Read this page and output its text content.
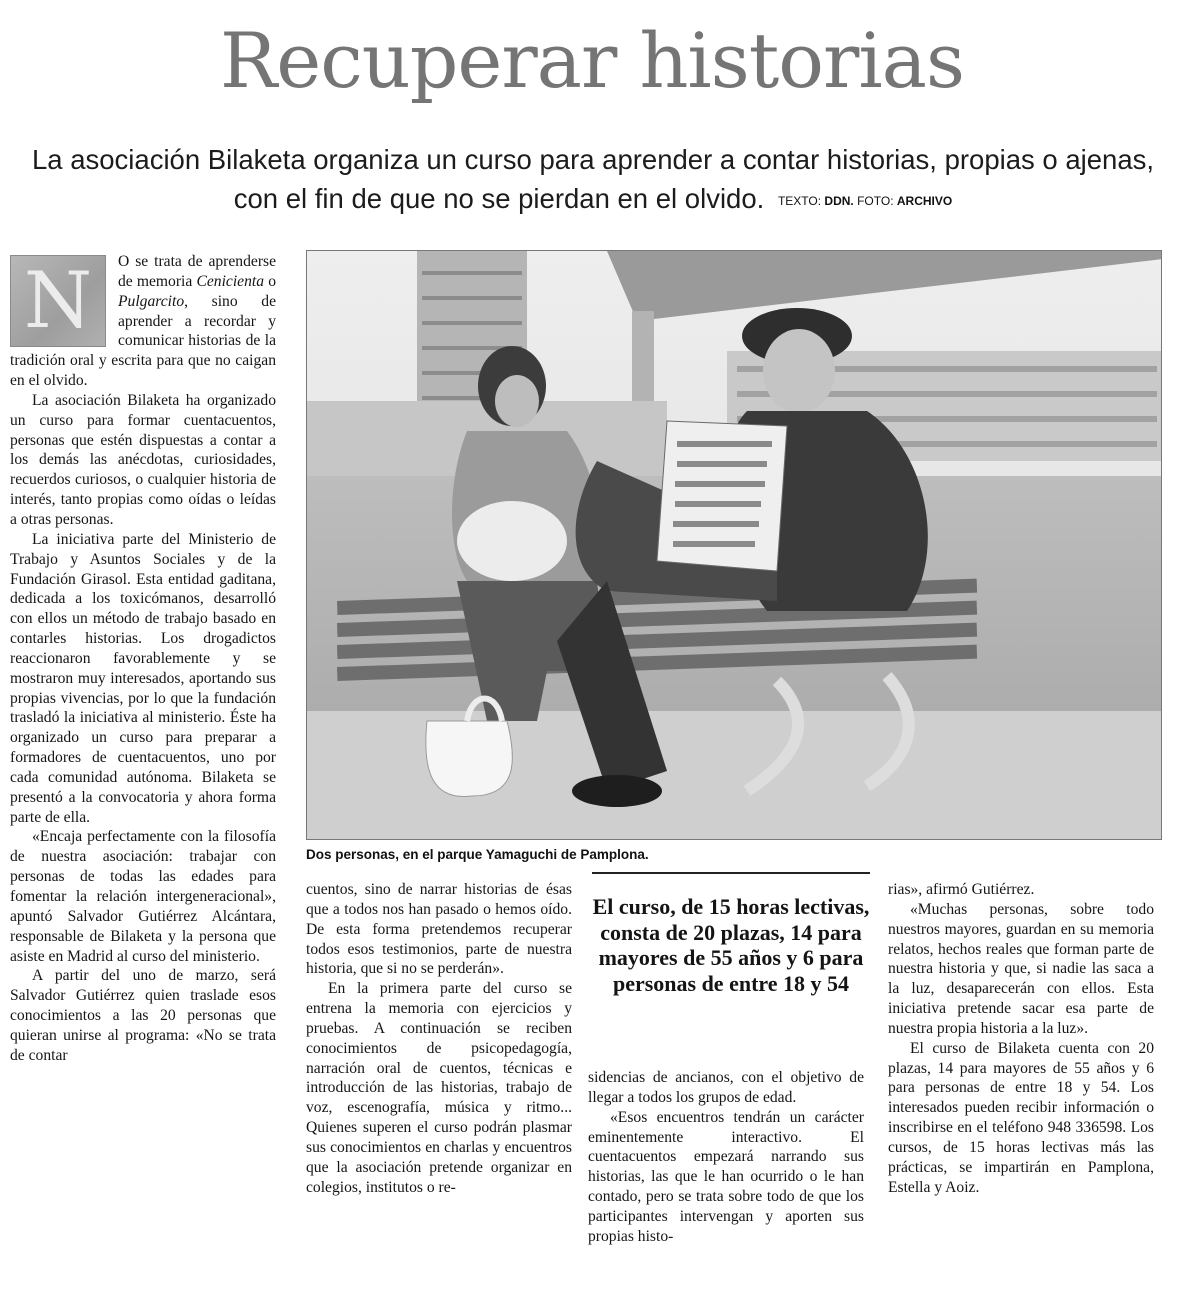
Recuperar historias

La asociación Bilaketa organiza un curso para aprender a contar historias, propias o ajenas, con el fin de que no se pierdan en el olvido. TEXTO: DDN. FOTO: ARCHIVO

N	O se trata de aprenderse de memoria Cenicienta o Pulgarcito, sino de aprender a recordar y comunicar historias de la tradición oral y escrita para que no caigan en el olvido.

La asociación Bilaketa ha organizado un curso para formar cuentacuentos, personas que estén dispuestas a contar a los demás las anécdotas, curiosidades, recuerdos curiosos, o cualquier historia de interés, tanto propias como oídas o leídas a otras personas.

La iniciativa parte del Ministerio de Trabajo y Asuntos Sociales y de la Fundación Girasol. Esta entidad gaditana, dedicada a los toxicómanos, desarrolló con ellos un método de trabajo basado en contarles historias. Los drogadictos reaccionaron favorablemente y se mostraron muy interesados, aportando sus propias vivencias, por lo que la fundación trasladó la iniciativa al ministerio. Éste ha organizado un curso para preparar a formadores de cuentacuentos, uno por cada comunidad autónoma. Bilaketa se presentó a la convocatoria y ahora forma parte de ella.

«Encaja perfectamente con la filosofía de nuestra asociación: trabajar con personas de todas las edades para fomentar la relación intergeneracional», apuntó Salvador Gutiérrez Alcántara, responsable de Bilaketa y la persona que asiste en Madrid al curso del ministerio.

A partir del uno de marzo, será Salvador Gutiérrez quien traslade esos conocimientos a las 20 personas que quieran unirse al programa: «No se trata de contar

Dos personas, en el parque Yamaguchi de Pamplona.

cuentos, sino de narrar historias de ésas que a todos nos han pasado o hemos oído. De esta forma pretendemos recuperar todos esos testimonios, parte de nuestra historia, que si no se perderán».

En la primera parte del curso se entrena la memoria con ejercicios y pruebas. A continuación se reciben conocimientos de psicopedagogía, narración oral de cuentos, técnicas e introducción de las historias, trabajo de voz, escenografía, música y ritmo... Quienes superen el curso podrán plasmar sus conocimientos en charlas y encuentros que la asociación pretende organizar en colegios, institutos o re-

El curso, de 15 horas lectivas, consta de 20 plazas, 14 para mayores de 55 años y 6 para personas de entre 18 y 54

sidencias de ancianos, con el objetivo de llegar a todos los grupos de edad.

«Esos encuentros tendrán un carácter eminentemente interactivo. El cuentacuentos empezará narrando sus historias, las que le han ocurrido o le han contado, pero se trata sobre todo de que los participantes intervengan y aporten sus propias histo-

rias», afirmó Gutiérrez.

«Muchas personas, sobre todo nuestros mayores, guardan en su memoria relatos, hechos reales que forman parte de nuestra historia y que, si nadie las saca a la luz, desaparecerán con ellos. Esta iniciativa pretende sacar esa parte de nuestra propia historia a la luz».

El curso de Bilaketa cuenta con 20 plazas, 14 para mayores de 55 años y 6 para personas de entre 18 y 54. Los interesados pueden recibir información o inscribirse en el teléfono 948 336598. Los cursos, de 15 horas lectivas más las prácticas, se impartirán en Pamplona, Estella y Aoiz.
